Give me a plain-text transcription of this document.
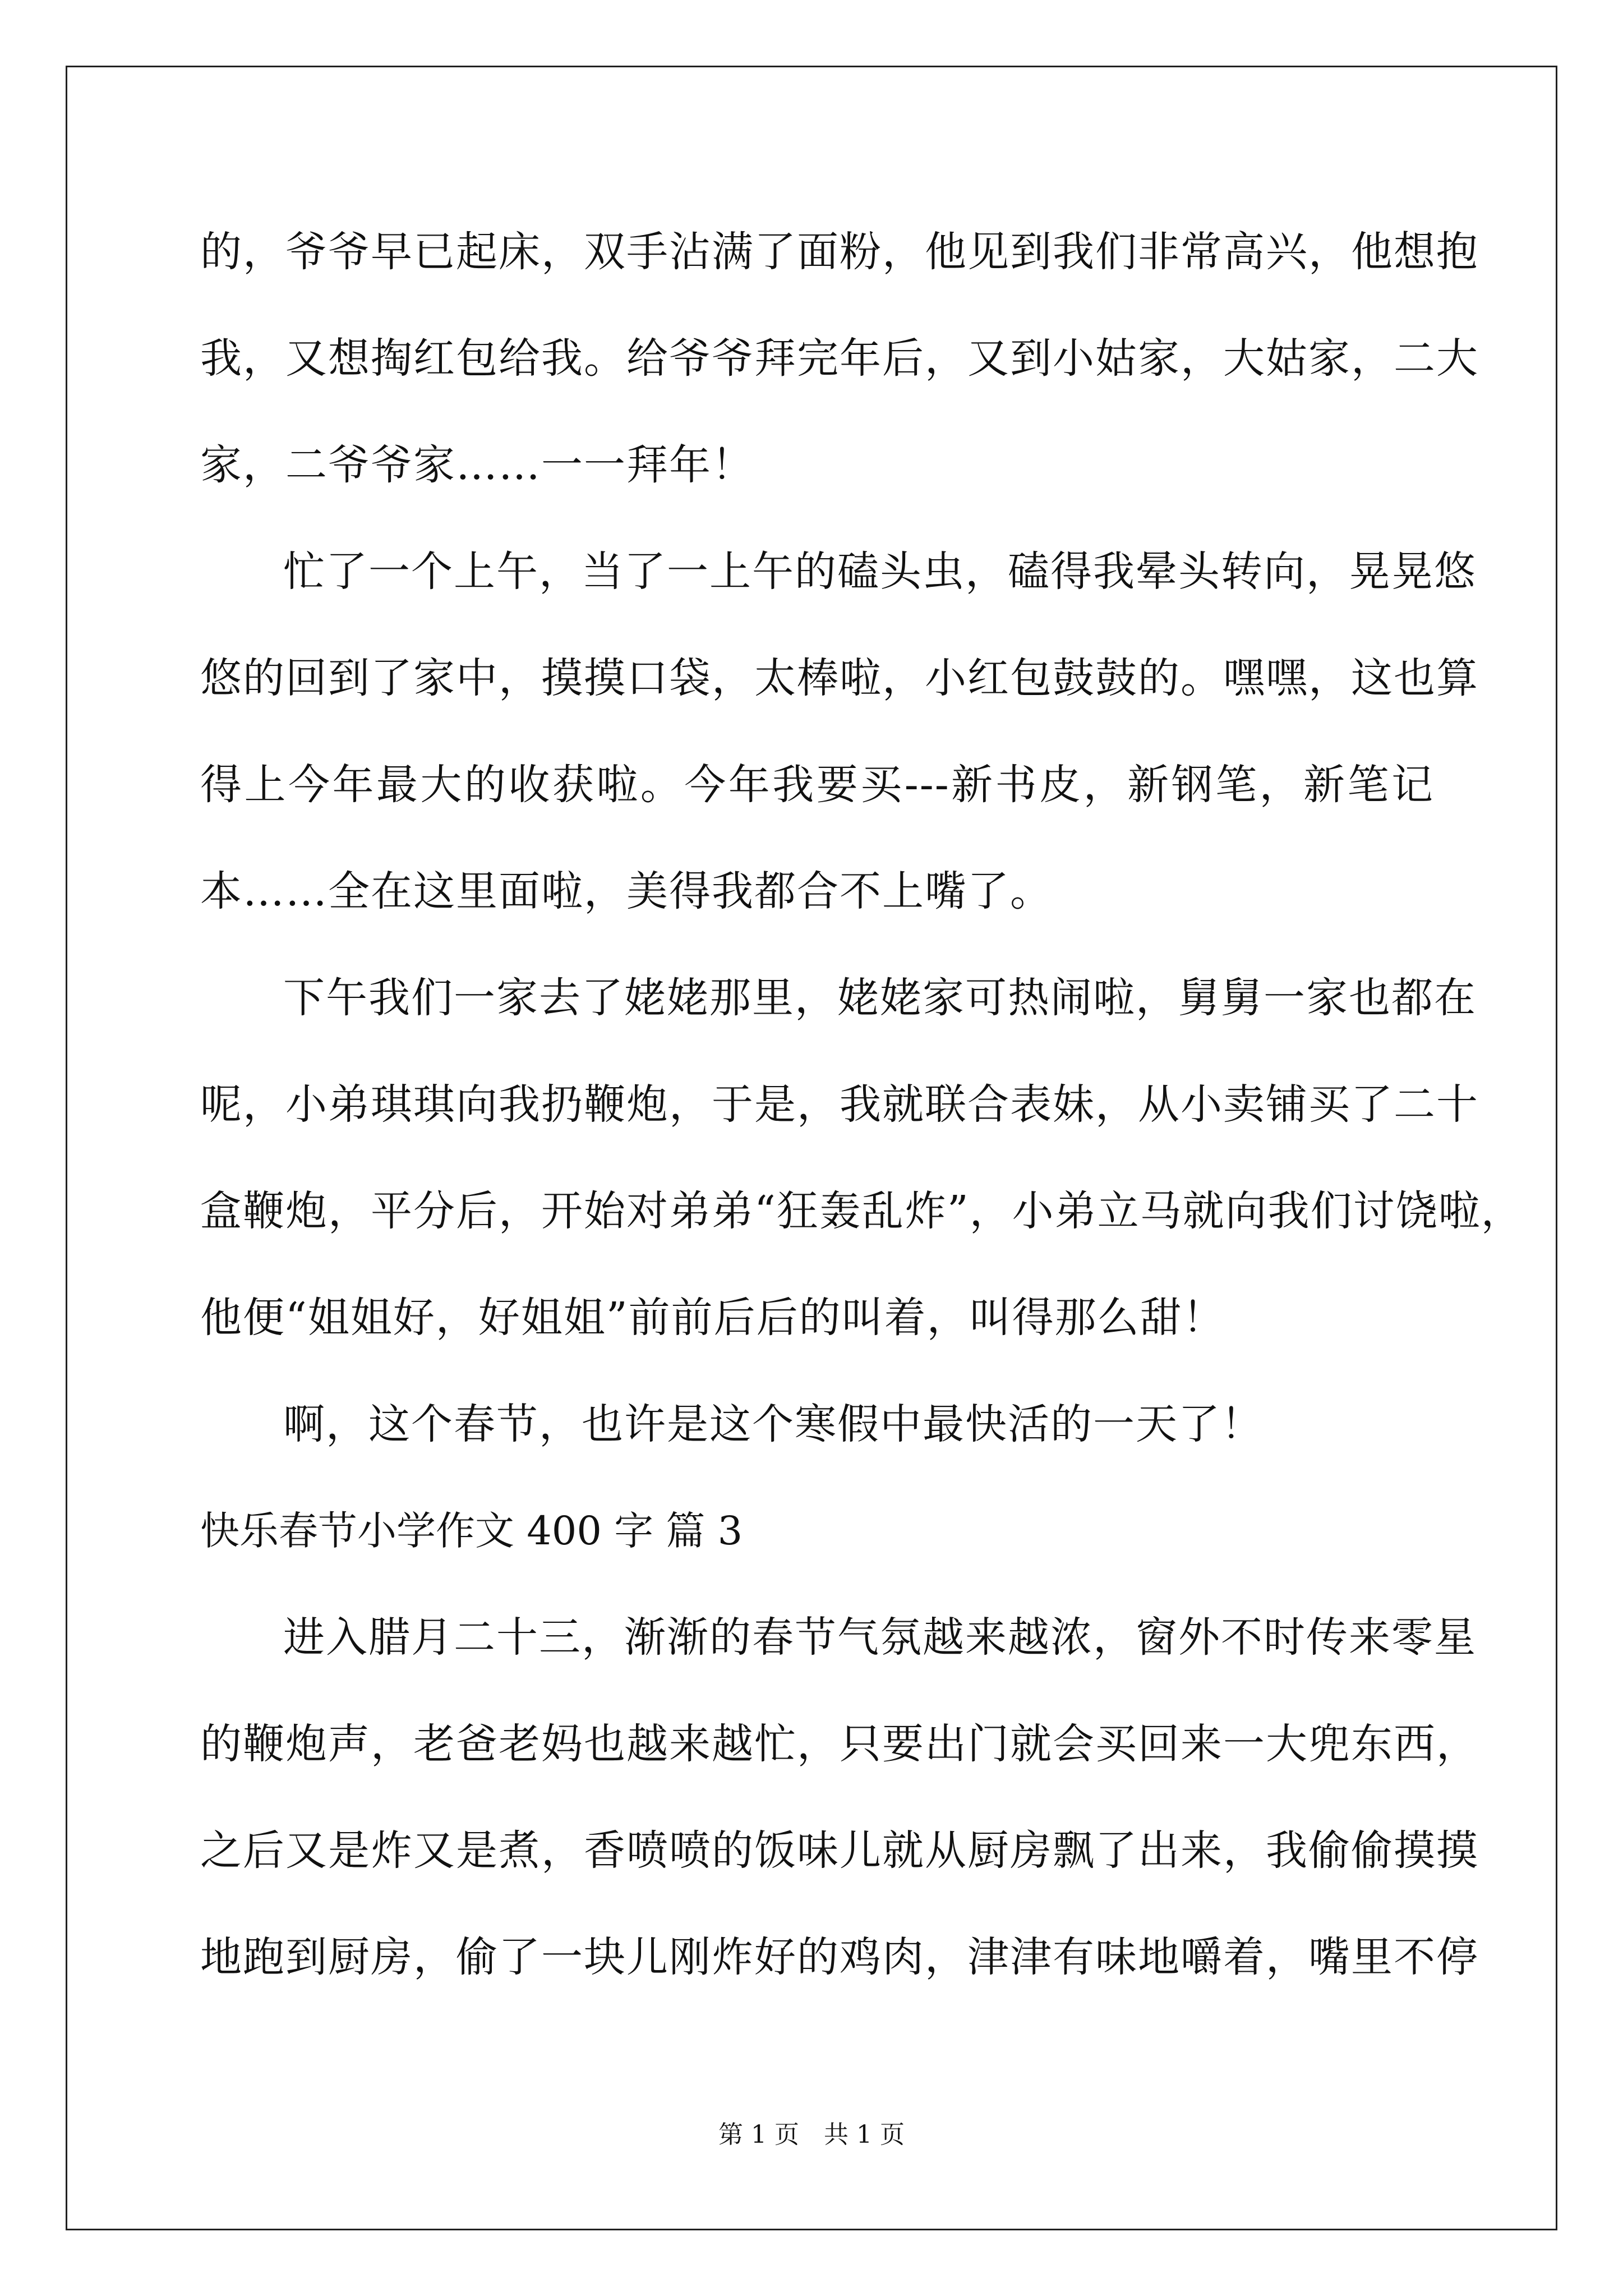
的，爷爷早已起床，双手沾满了面粉，他见到我们非常高兴，他想抱
我，又想掏红包给我。给爷爷拜完年后，又到小姑家，大姑家，二大
家，二爷爷家……一一拜年！
忙了一个上午，当了一上午的磕头虫，磕得我晕头转向，晃晃悠
悠的回到了家中，摸摸口袋，太棒啦，小红包鼓鼓的。嘿嘿，这也算
得上今年最大的收获啦。今年我要买---新书皮，新钢笔，新笔记
本……全在这里面啦，美得我都合不上嘴了。
下午我们一家去了姥姥那里，姥姥家可热闹啦，舅舅一家也都在
呢，小弟琪琪向我扔鞭炮，于是，我就联合表妹，从小卖铺买了二十
盒鞭炮，平分后，开始对弟弟“狂轰乱炸”，小弟立马就向我们讨饶啦，
他便“姐姐好，好姐姐”前前后后的叫着，叫得那么甜！
啊，这个春节，也许是这个寒假中最快活的一天了！
快乐春节小学作文 400 字 篇 3
进入腊月二十三，渐渐的春节气氛越来越浓，窗外不时传来零星
的鞭炮声，老爸老妈也越来越忙，只要出门就会买回来一大兜东西，
之后又是炸又是煮，香喷喷的饭味儿就从厨房飘了出来，我偷偷摸摸
地跑到厨房，偷了一块儿刚炸好的鸡肉，津津有味地嚼着，嘴里不停
第 1 页 共 1 页
